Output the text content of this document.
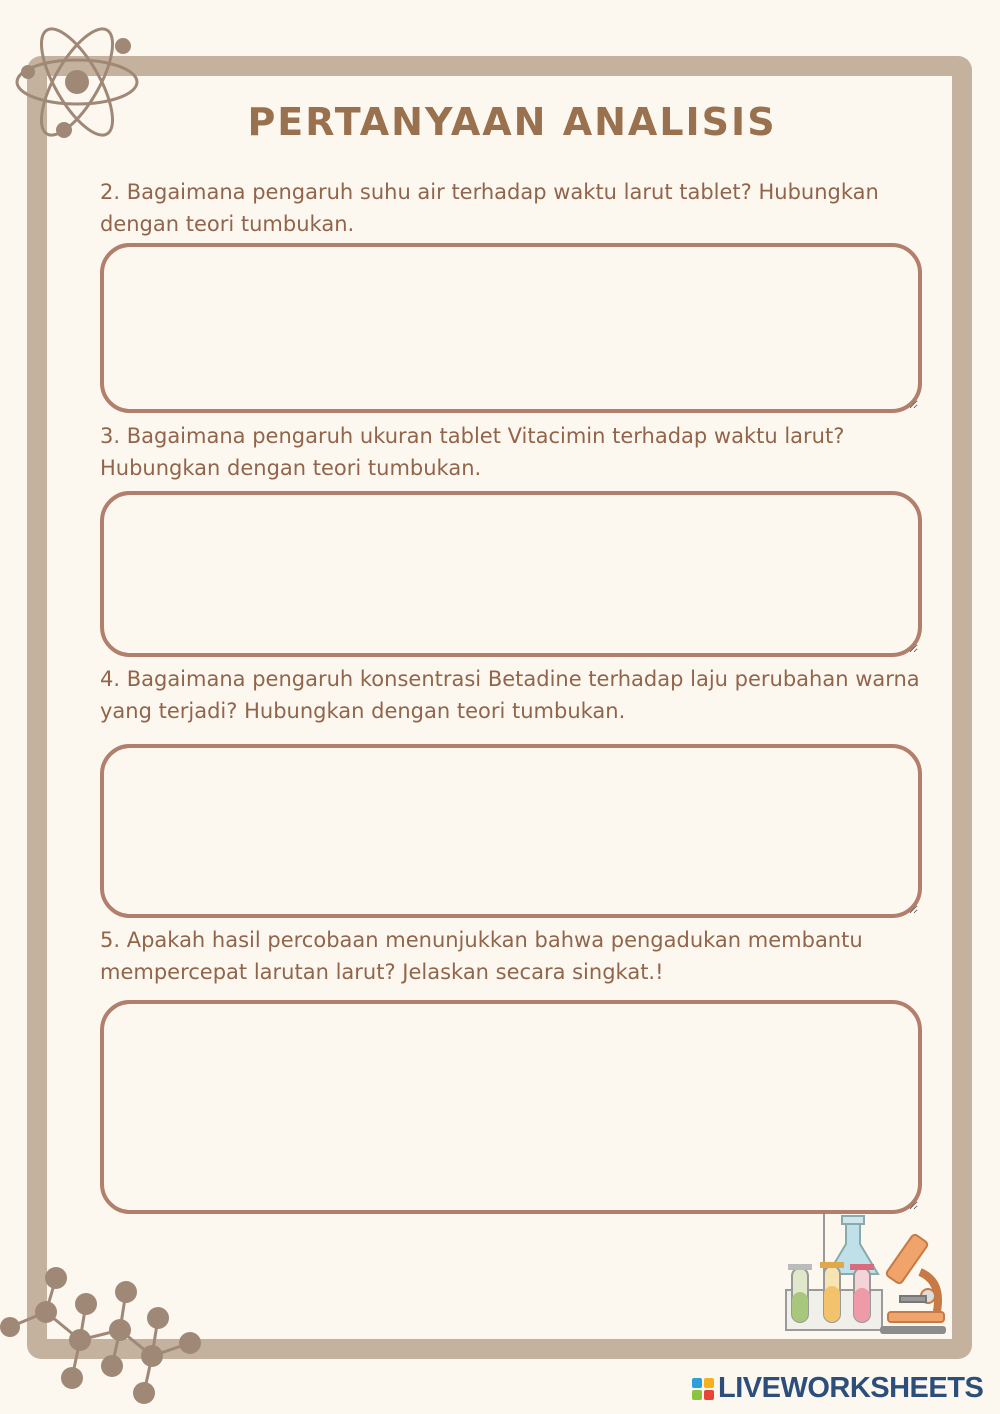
PERTANYAAN ANALISIS
2. Bagaimana pengaruh suhu air terhadap waktu larut tablet? Hubungkan dengan teori tumbukan.
3. Bagaimana pengaruh ukuran tablet Vitacimin terhadap waktu larut? Hubungkan dengan teori tumbukan.
4. Bagaimana pengaruh konsentrasi Betadine terhadap laju perubahan warna yang terjadi? Hubungkan dengan teori tumbukan.
5. Apakah hasil percobaan menunjukkan bahwa pengadukan membantu mempercepat larutan larut? Jelaskan secara singkat.!
LIVEWORKSHEETS
